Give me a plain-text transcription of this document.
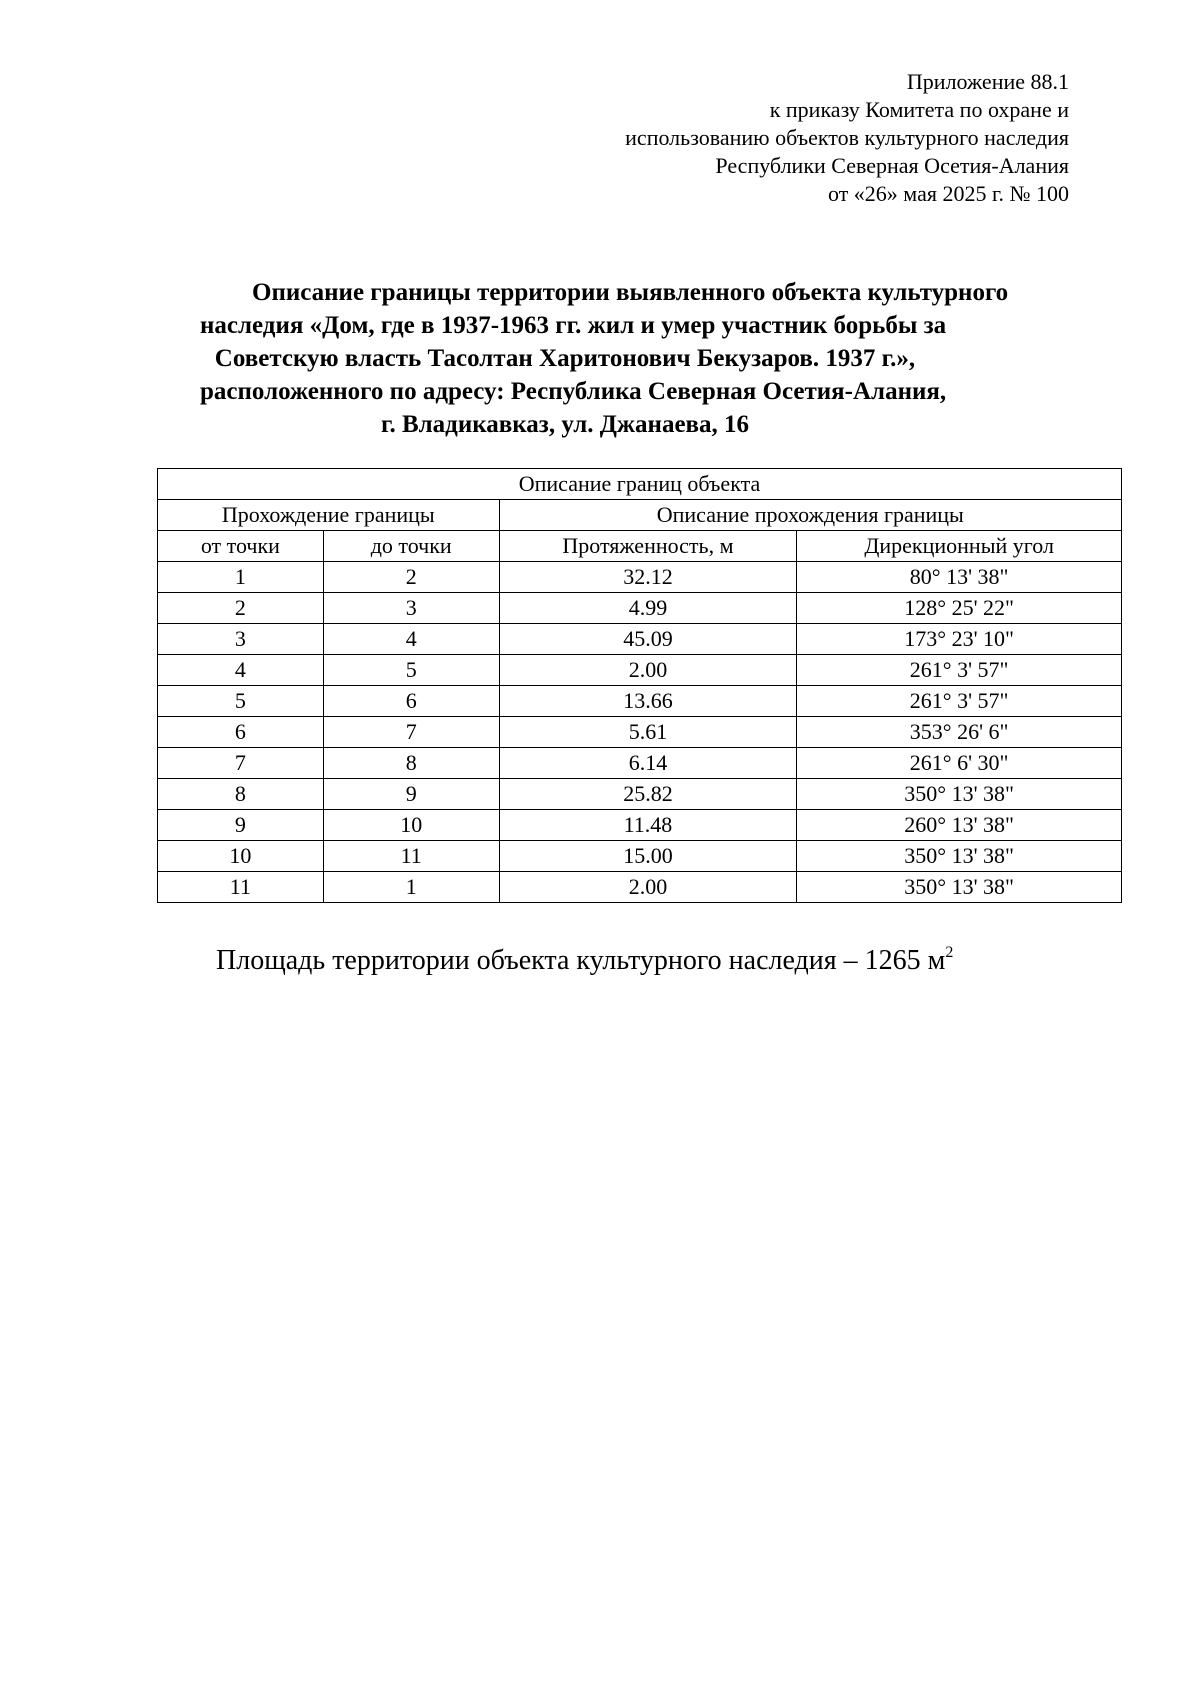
Приложение 88.1
к приказу Комитета по охране и
использованию объектов культурного наследия
Республики Северная Осетия-Алания
от «26» мая 2025 г. № 100
Описание границы территории выявленного объекта культурного
наследия «Дом, где в 1937-1963 гг. жил и умер участник борьбы за
Советскую власть Тасолтан Харитонович Бекузаров. 1937 г.»,
расположенного по адресу: Республика Северная Осетия-Алания,
г. Владикавказ, ул. Джанаева, 16
Описание границ объекта			
Прохождение границы		Описание прохождения границы	
от точки	до точки	Протяженность, м	Дирекционный угол
1	2	32.12	80° 13' 38"
2	3	4.99	128° 25' 22"
3	4	45.09	173° 23' 10"
4	5	2.00	261° 3' 57"
5	6	13.66	261° 3' 57"
6	7	5.61	353° 26' 6"
7	8	6.14	261° 6' 30"
8	9	25.82	350° 13' 38"
9	10	11.48	260° 13' 38"
10	11	15.00	350° 13' 38"
11	1	2.00	350° 13' 38"
Площадь территории объекта культурного наследия – 1265 $м^2$
